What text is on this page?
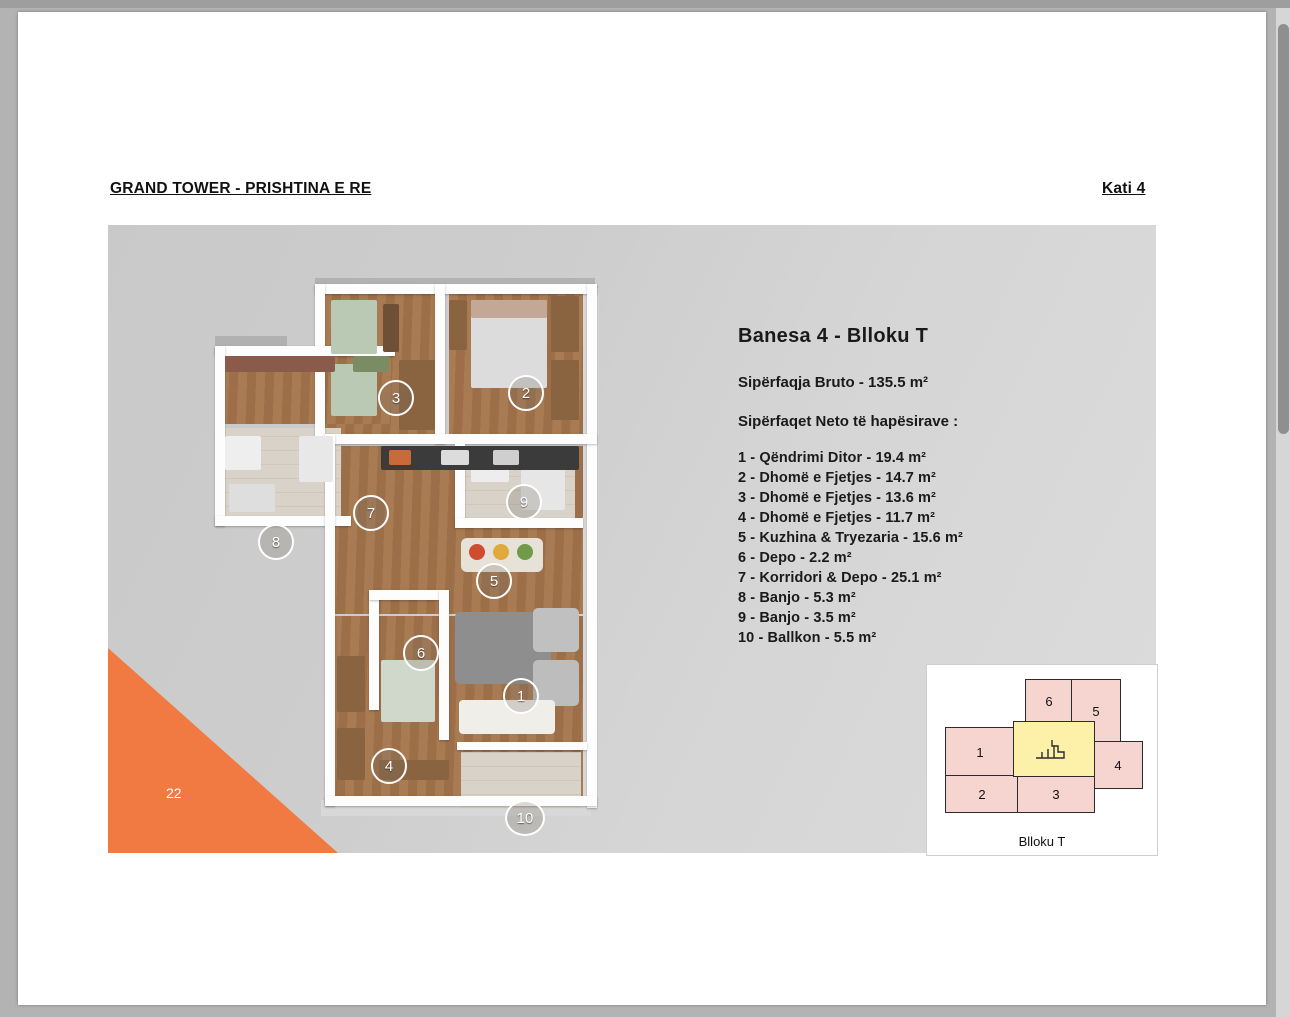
GRAND TOWER - PRISHTINA E RE	Kati 4
22
3	2
7
9
8
5
6
1
4
10
Banesa 4 - Blloku T
Sipërfaqja Bruto - 135.5 m²
Sipërfaqet Neto të hapësirave :
1 - Qëndrimi Ditor - 19.4 m²
2 - Dhomë e Fjetjes - 14.7 m²
3 - Dhomë e Fjetjes - 13.6 m²
4 - Dhomë e Fjetjes - 11.7 m²
5 - Kuzhina & Tryezaria - 15.6 m²
6 - Depo - 2.2 m²
7 - Korridori & Depo - 25.1 m²
8 - Banjo - 5.3 m²
9 - Banjo - 3.5 m²
10 - Ballkon - 5.5 m²
6
5
1
4
2	3
Blloku T
